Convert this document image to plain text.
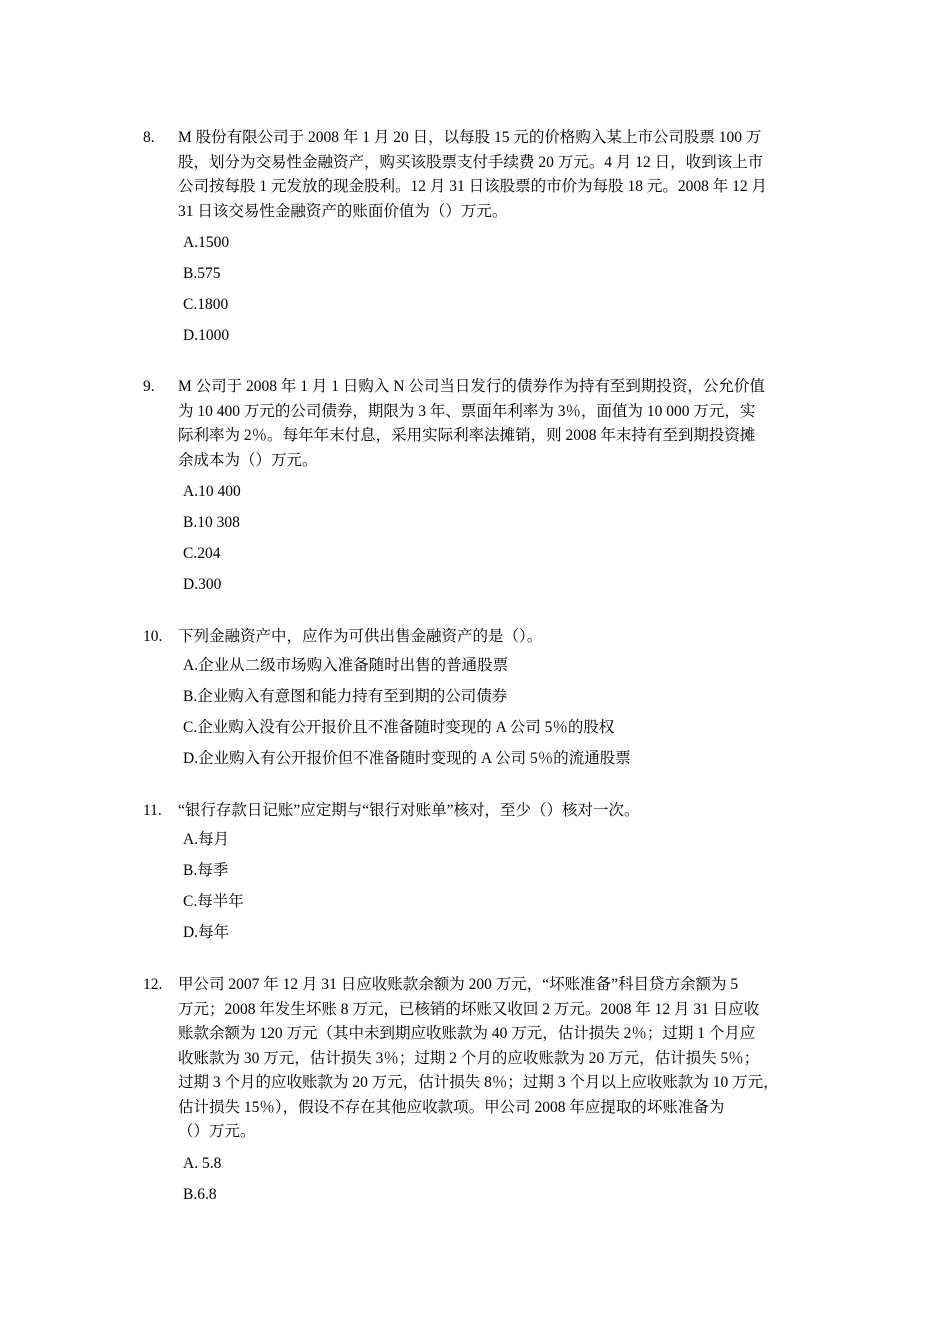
8. M 股份有限公司于 2008 年 1 月 20 日，以每股 15 元的价格购入某上市公司股票 100 万
股，划分为交易性金融资产，购买该股票支付手续费 20 万元。4 月 12 日，收到该上市
公司按每股 1 元发放的现金股利。12 月 31 日该股票的市价为每股 18 元。2008 年 12 月
31 日该交易性金融资产的账面价值为（）万元。
A.1500
B.575
C.1800
D.1000
9. M 公司于 2008 年 1 月 1 日购入 N 公司当日发行的债券作为持有至到期投资，公允价值
为 10 400 万元的公司债券，期限为 3 年、票面年利率为 3％，面值为 10 000 万元，实
际利率为 2％。每年年末付息，采用实际利率法摊销，则 2008 年末持有至到期投资摊
余成本为（）万元。
A.10 400
B.10 308
C.204
D.300
10. 下列金融资产中，应作为可供出售金融资产的是（）。
A.企业从二级市场购入准备随时出售的普通股票
B.企业购入有意图和能力持有至到期的公司债券
C.企业购入没有公开报价且不准备随时变现的 A 公司 5％的股权
D.企业购入有公开报价但不准备随时变现的 A 公司 5％的流通股票
11. “银行存款日记账”应定期与“银行对账单”核对，至少（）核对一次。
A.每月
B.每季
C.每半年
D.每年
12. 甲公司 2007 年 12 月 31 日应收账款余额为 200 万元，“坏账准备”科目贷方余额为 5
万元；2008 年发生坏账 8 万元，已核销的坏账又收回 2 万元。2008 年 12 月 31 日应收
账款余额为 120 万元（其中未到期应收账款为 40 万元，估计损失 2％；过期 1 个月应
收账款为 30 万元，估计损失 3％；过期 2 个月的应收账款为 20 万元，估计损失 5％；
过期 3 个月的应收账款为 20 万元，估计损失 8％；过期 3 个月以上应收账款为 10 万元，
估计损失 15％），假设不存在其他应收款项。甲公司 2008 年应提取的坏账准备为
（）万元。
A. 5.8
B.6.8
